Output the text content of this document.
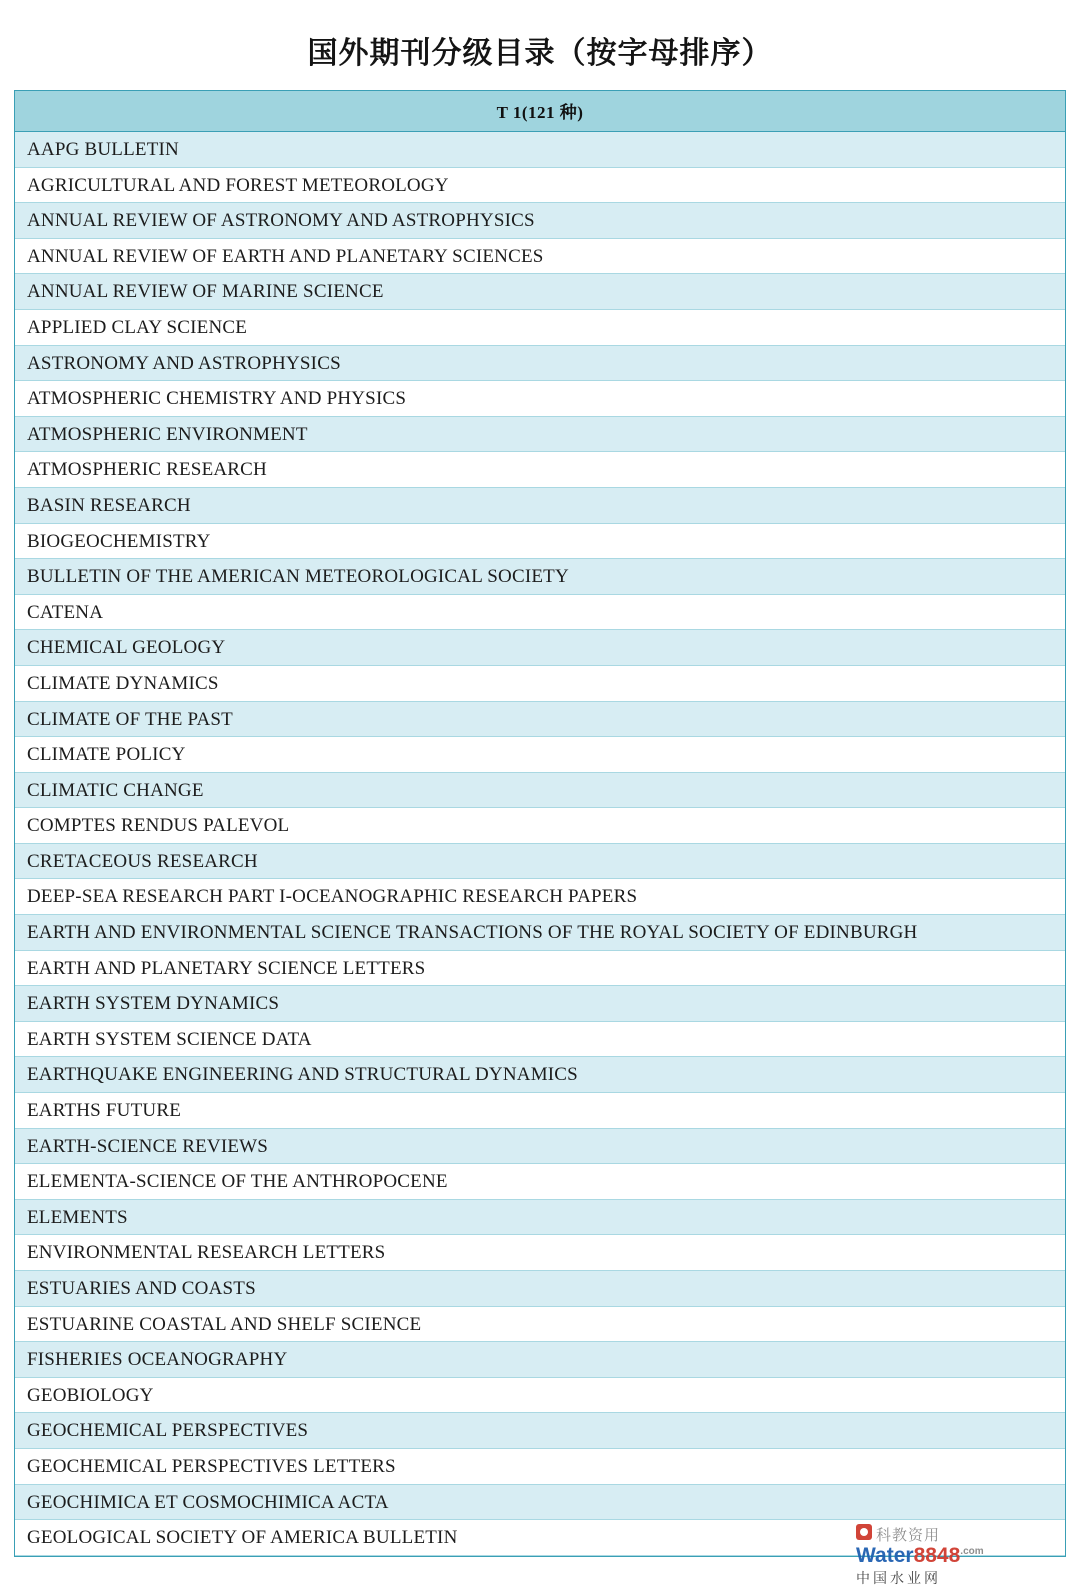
国外期刊分级目录（按字母排序）
T 1(121 种)
AAPG BULLETIN
AGRICULTURAL AND FOREST METEOROLOGY
ANNUAL REVIEW OF ASTRONOMY AND ASTROPHYSICS
ANNUAL REVIEW OF EARTH AND PLANETARY SCIENCES
ANNUAL REVIEW OF MARINE SCIENCE
APPLIED CLAY SCIENCE
ASTRONOMY AND ASTROPHYSICS
ATMOSPHERIC CHEMISTRY AND PHYSICS
ATMOSPHERIC ENVIRONMENT
ATMOSPHERIC RESEARCH
BASIN RESEARCH
BIOGEOCHEMISTRY
BULLETIN OF THE AMERICAN METEOROLOGICAL SOCIETY
CATENA
CHEMICAL GEOLOGY
CLIMATE DYNAMICS
CLIMATE OF THE PAST
CLIMATE POLICY
CLIMATIC CHANGE
COMPTES RENDUS PALEVOL
CRETACEOUS RESEARCH
DEEP-SEA RESEARCH PART I-OCEANOGRAPHIC RESEARCH PAPERS
EARTH AND ENVIRONMENTAL SCIENCE TRANSACTIONS OF THE ROYAL SOCIETY OF EDINBURGH
EARTH AND PLANETARY SCIENCE LETTERS
EARTH SYSTEM DYNAMICS
EARTH SYSTEM SCIENCE DATA
EARTHQUAKE ENGINEERING AND STRUCTURAL DYNAMICS
EARTHS FUTURE
EARTH-SCIENCE REVIEWS
ELEMENTA-SCIENCE OF THE ANTHROPOCENE
ELEMENTS
ENVIRONMENTAL RESEARCH LETTERS
ESTUARIES AND COASTS
ESTUARINE COASTAL AND SHELF SCIENCE
FISHERIES OCEANOGRAPHY
GEOBIOLOGY
GEOCHEMICAL PERSPECTIVES
GEOCHEMICAL PERSPECTIVES LETTERS
GEOCHIMICA ET COSMOCHIMICA ACTA
GEOLOGICAL SOCIETY OF AMERICA BULLETIN	科教资用
$Water8848^{.com}$
中国水业网
